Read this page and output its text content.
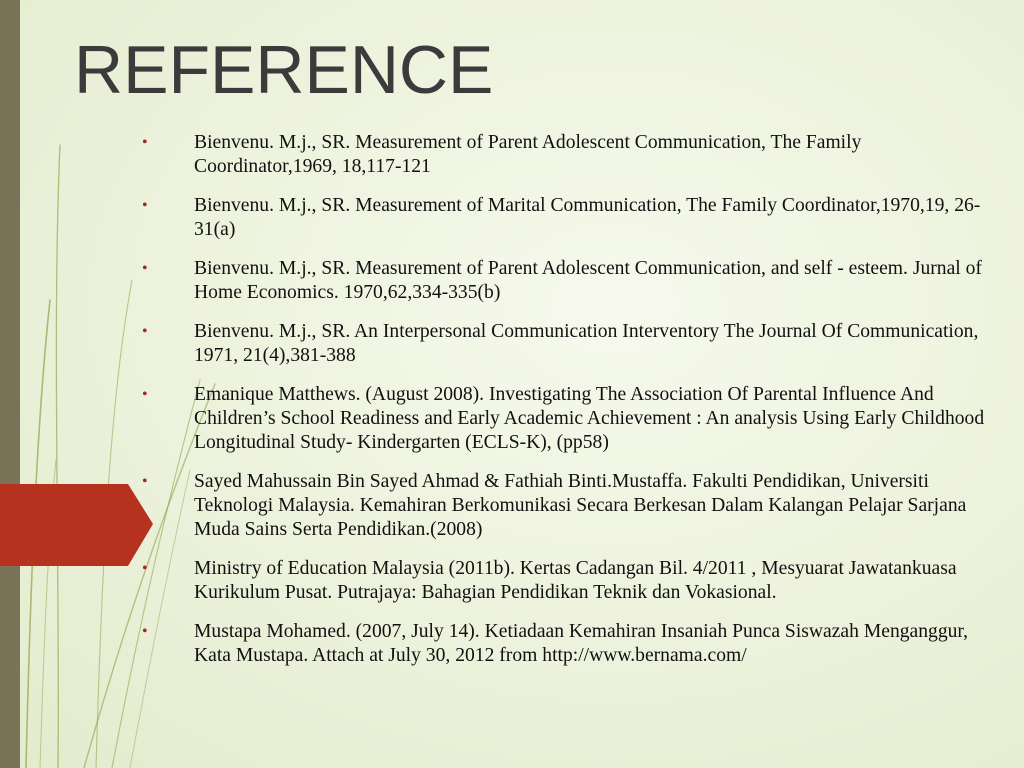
REFERENCE
• Bienvenu. M.j., SR. Measurement of Parent Adolescent Communication, The Family Coordinator,1969, 18,117-121
• Bienvenu. M.j., SR. Measurement of Marital Communication, The Family Coordinator,1970,19, 26-31(a)
• Bienvenu. M.j., SR. Measurement of Parent Adolescent Communication, and self - esteem. Jurnal of Home Economics. 1970,62,334-335(b)
• Bienvenu. M.j., SR. An Interpersonal Communication Interventory The Journal Of Communication, 1971, 21(4),381-388
• Emanique Matthews. (August 2008). Investigating The Association Of Parental Influence And Children’s School Readiness and Early Academic Achievement : An analysis Using Early Childhood Longitudinal Study- Kindergarten (ECLS-K), (pp58)
• Sayed Mahussain Bin Sayed Ahmad & Fathiah Binti.Mustaffa. Fakulti Pendidikan, Universiti Teknologi Malaysia. Kemahiran Berkomunikasi Secara Berkesan Dalam Kalangan Pelajar Sarjana Muda Sains Serta Pendidikan.(2008)
• Ministry of Education Malaysia (2011b). Kertas Cadangan Bil. 4/2011 , Mesyuarat Jawatankuasa Kurikulum Pusat. Putrajaya: Bahagian Pendidikan Teknik dan Vokasional.
• Mustapa Mohamed. (2007, July 14). Ketiadaan Kemahiran Insaniah Punca Siswazah Menganggur, Kata Mustapa. Attach at July 30, 2012 from http://www.bernama.com/
